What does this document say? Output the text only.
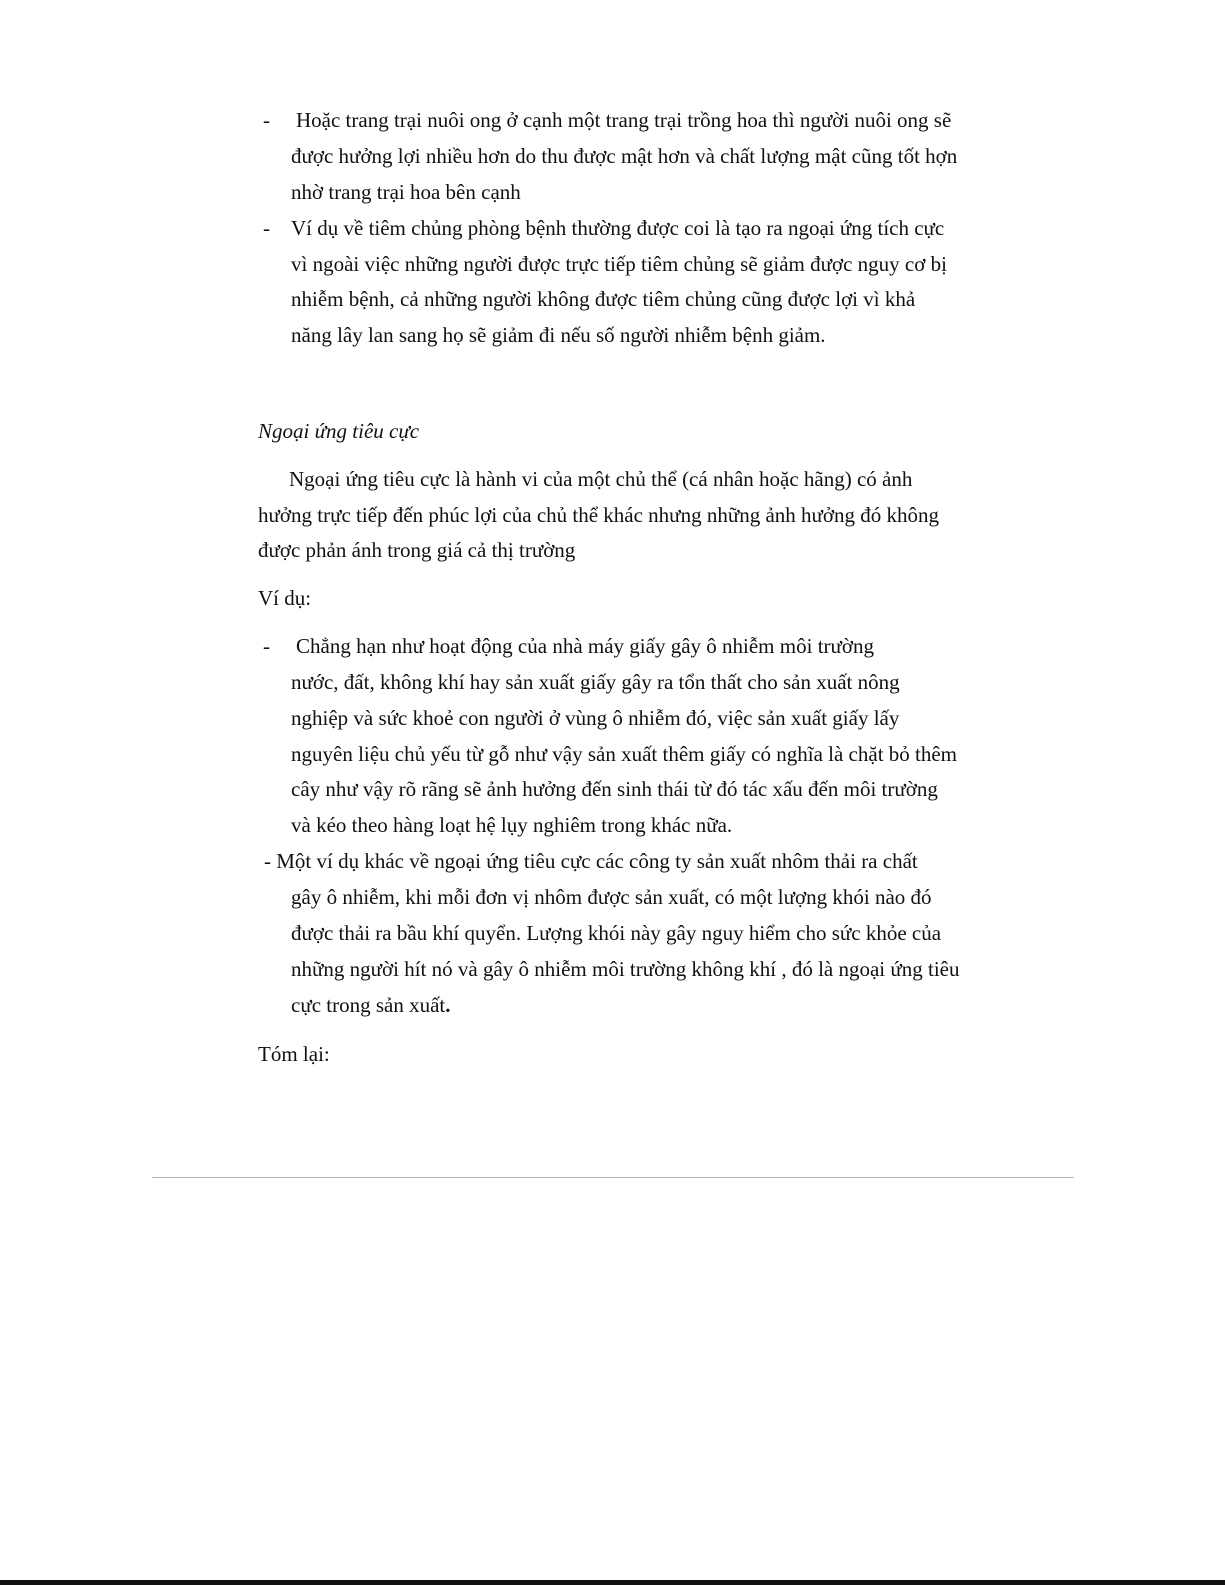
- Hoặc trang trại nuôi ong ở cạnh một trang trại trồng hoa thì người nuôi ong sẽ
được hưởng lợi nhiều hơn do thu được mật hơn và chất lượng mật cũng tốt hợn
nhờ trang trại hoa bên cạnh
- Ví dụ về tiêm chủng phòng bệnh thường được coi là tạo ra ngoại ứng tích cực
vì ngoài việc những người được trực tiếp tiêm chủng sẽ giảm được nguy cơ bị
nhiễm bệnh, cả những người không được tiêm chủng cũng được lợi vì khả
năng lây lan sang họ sẽ giảm đi nếu số người nhiễm bệnh giảm.
Ngoại ứng tiêu cực
Ngoại ứng tiêu cực là hành vi của một chủ thể (cá nhân hoặc hãng) có ảnh
hưởng trực tiếp đến phúc lợi của chủ thể khác nhưng những ảnh hưởng đó không
được phản ánh trong giá cả thị trường
Ví dụ:
- Chẳng hạn như hoạt động của nhà máy giấy gây ô nhiễm môi trường
nước, đất, không khí hay sản xuất giấy gây ra tổn thất cho sản xuất nông
nghiệp và sức khoẻ con người ở vùng ô nhiễm đó, việc sản xuất giấy lấy
nguyên liệu chủ yếu từ gỗ như vậy sản xuất thêm giấy có nghĩa là chặt bỏ thêm
cây như vậy rõ rãng sẽ ảnh hưởng đến sinh thái từ đó tác xấu đến môi trường
và kéo theo hàng loạt hệ lụy nghiêm trong khác nữa.
- Một ví dụ khác về ngoại ứng tiêu cực các công ty sản xuất nhôm thải ra chất
gây ô nhiễm, khi mỗi đơn vị nhôm được sản xuất, có một lượng khói nào đó
được thải ra bầu khí quyển. Lượng khói này gây nguy hiểm cho sức khỏe của
những người hít nó và gây ô nhiễm môi trường không khí , đó là ngoại ứng tiêu
cực trong sản xuất.
Tóm lại:
